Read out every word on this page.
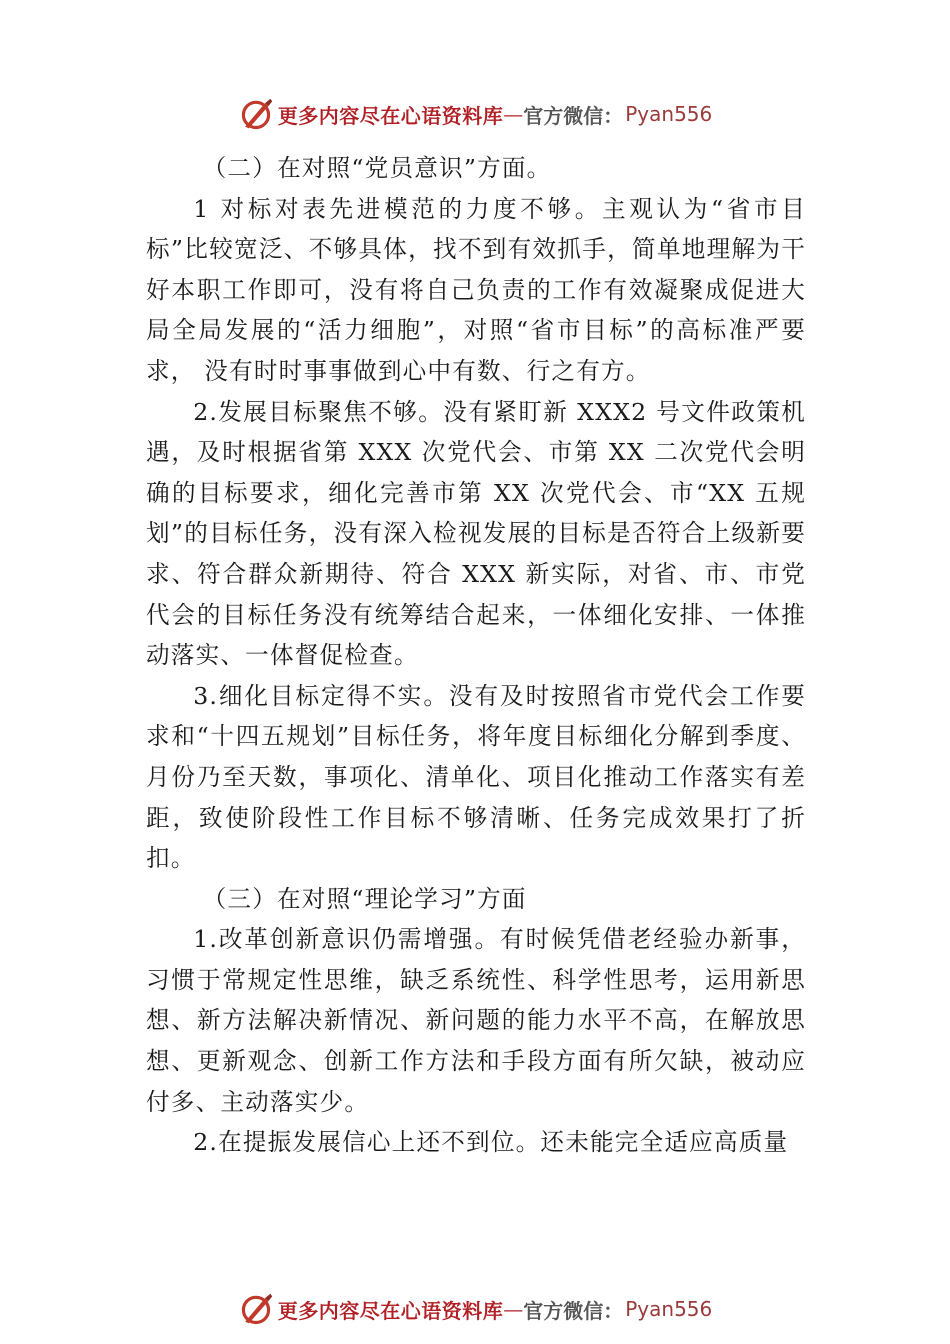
更多内容尽在心语资料库 — 官方微信： Pyan556

（二）在对照“党员意识”方面。

1 对标对表先进模范的力度不够。主观认为“省市目标”比较宽泛、不够具体，找不到有效抓手，简单地理解为干好本职工作即可，没有将自己负责的工作有效凝聚成促进大局全局发展的“活力细胞”，对照“省市目标”的高标准严要求， 没有时时事事做到心中有数、行之有方。

2.发展目标聚焦不够。没有紧盯新 XXX2 号文件政策机遇，及时根据省第 XXX 次党代会、市第 XX 二次党代会明确的目标要求，细化完善市第 XX 次党代会、市“XX 五规划”的目标任务，没有深入检视发展的目标是否符合上级新要求、符合群众新期待、符合 XXX 新实际，对省、市、市党代会的目标任务没有统筹结合起来，一体细化安排、一体推动落实、一体督促检查。

3.细化目标定得不实。没有及时按照省市党代会工作要求和“十四五规划”目标任务，将年度目标细化分解到季度、月份乃至天数，事项化、清单化、项目化推动工作落实有差距，致使阶段性工作目标不够清晰、任务完成效果打了折扣。

（三）在对照“理论学习”方面

1.改革创新意识仍需增强。有时候凭借老经验办新事，习惯于常规定性思维，缺乏系统性、科学性思考，运用新思想、新方法解决新情况、新问题的能力水平不高，在解放思想、更新观念、创新工作方法和手段方面有所欠缺，被动应付多、主动落实少。

2.在提振发展信心上还不到位。还未能完全适应高质量

更多内容尽在心语资料库 — 官方微信： Pyan556
